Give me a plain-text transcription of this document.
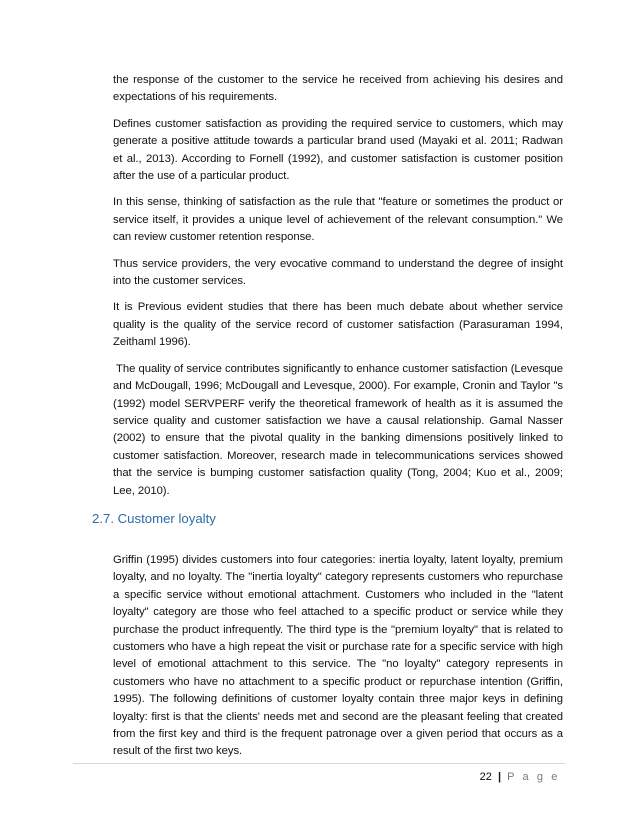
the response of the customer to the service he received from achieving his desires and expectations of his requirements.

Defines customer satisfaction as providing the required service to customers, which may generate a positive attitude towards a particular brand used (Mayaki et al. 2011; Radwan et al., 2013). According to Fornell (1992), and customer satisfaction is customer position after the use of a particular product.

In this sense, thinking of satisfaction as the rule that "feature or sometimes the product or service itself, it provides a unique level of achievement of the relevant consumption." We can review customer retention response.

Thus service providers, the very evocative command to understand the degree of insight into the customer services.

It is Previous evident studies that there has been much debate about whether service quality is the quality of the service record of customer satisfaction (Parasuraman 1994, Zeithaml 1996).

The quality of service contributes significantly to enhance customer satisfaction (Levesque and McDougall, 1996; McDougall and Levesque, 2000). For example, Cronin and Taylor "s (1992) model SERVPERF verify the theoretical framework of health as it is assumed the service quality and customer satisfaction we have a causal relationship. Gamal Nasser (2002) to ensure that the pivotal quality in the banking dimensions positively linked to customer satisfaction. Moreover, research made in telecommunications services showed that the service is bumping customer satisfaction quality (Tong, 2004; Kuo et al., 2009; Lee, 2010).

2.7. Customer loyalty

Griffin (1995) divides customers into four categories: inertia loyalty, latent loyalty, premium loyalty, and no loyalty. The "inertia loyalty" category represents customers who repurchase a specific service without emotional attachment. Customers who included in the "latent loyalty" category are those who feel attached to a specific product or service while they purchase the product infrequently. The third type is the "premium loyalty" that is related to customers who have a high repeat the visit or purchase rate for a specific service with high level of emotional attachment to this service. The "no loyalty" category represents in customers who have no attachment to a specific product or repurchase intention (Griffin, 1995). The following definitions of customer loyalty contain three major keys in defining loyalty: first is that the clients' needs met and second are the pleasant feeling that created from the first key and third is the frequent patronage over a given period that occurs as a result of the first two keys.

22 | P a g e
